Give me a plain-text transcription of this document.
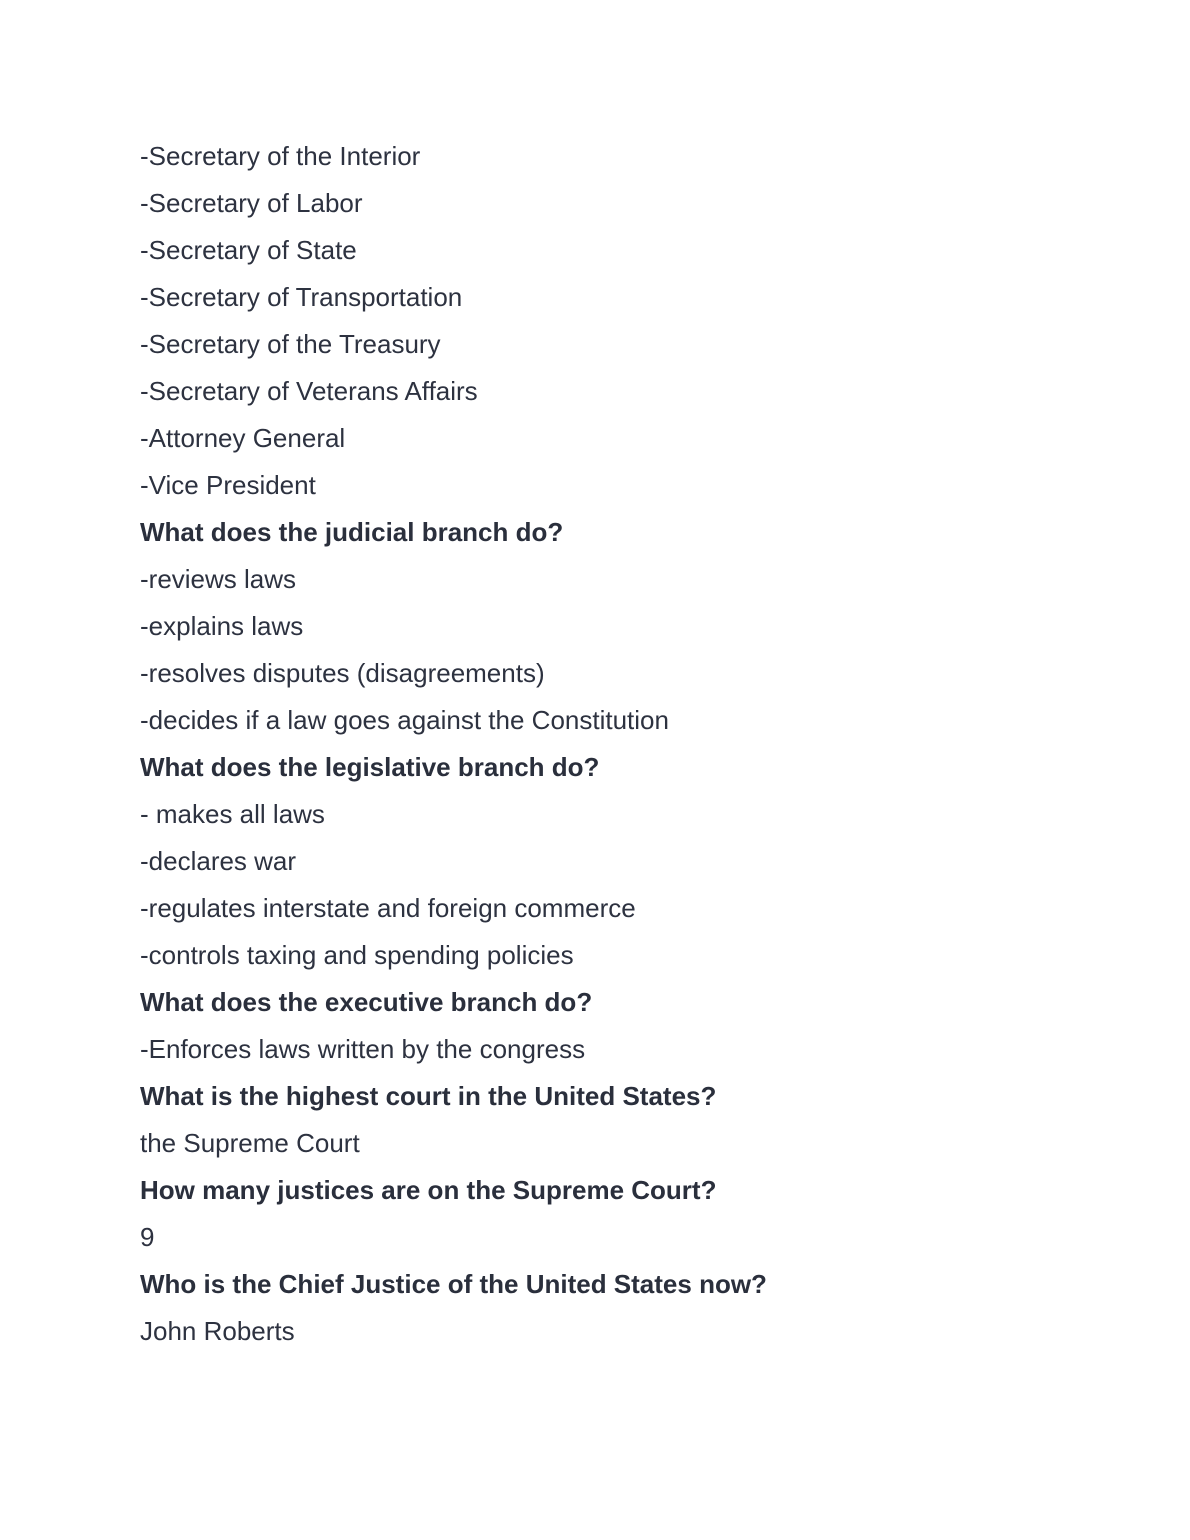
-Secretary of the Interior
-Secretary of Labor
-Secretary of State
-Secretary of Transportation
-Secretary of the Treasury
-Secretary of Veterans Affairs
-Attorney General
-Vice President
What does the judicial branch do?
-reviews laws
-explains laws
-resolves disputes (disagreements)
-decides if a law goes against the Constitution
What does the legislative branch do?
- makes all laws
-declares war
-regulates interstate and foreign commerce
-controls taxing and spending policies
What does the executive branch do?
-Enforces laws written by the congress
What is the highest court in the United States?
the Supreme Court
How many justices are on the Supreme Court?
9
Who is the Chief Justice of the United States now?
John Roberts
